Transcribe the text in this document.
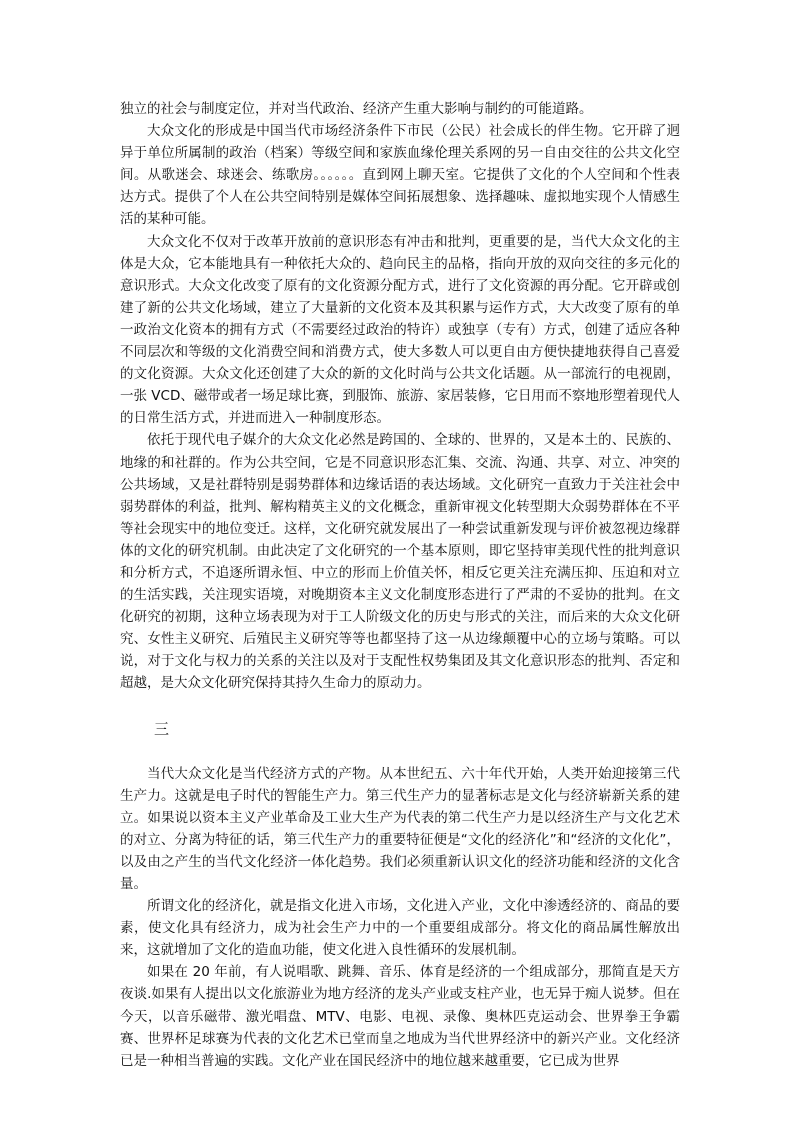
独立的社会与制度定位，并对当代政治、经济产生重大影响与制约的可能道路。

大众文化的形成是中国当代市场经济条件下市民（公民）社会成长的伴生物。它开辟了迥异于单位所属制的政治（档案）等级空间和家族血缘伦理关系网的另一自由交往的公共文化空间。从歌迷会、球迷会、练歌房。。。。。。直到网上聊天室。它提供了文化的个人空间和个性表达方式。提供了个人在公共空间特别是媒体空间拓展想象、选择趣味、虚拟地实现个人情感生活的某种可能。

大众文化不仅对于改革开放前的意识形态有冲击和批判，更重要的是，当代大众文化的主体是大众，它本能地具有一种依托大众的、趋向民主的品格，指向开放的双向交往的多元化的意识形式。大众文化改变了原有的文化资源分配方式，进行了文化资源的再分配。它开辟或创建了新的公共文化场域，建立了大量新的文化资本及其积累与运作方式，大大改变了原有的单一政治文化资本的拥有方式（不需要经过政治的特许）或独享（专有）方式，创建了适应各种不同层次和等级的文化消费空间和消费方式，使大多数人可以更自由方便快捷地获得自己喜爱的文化资源。大众文化还创建了大众的新的文化时尚与公共文化话题。从一部流行的电视剧，一张 VCD、磁带或者一场足球比赛，到服饰、旅游、家居装修，它日用而不察地形塑着现代人的日常生活方式，并进而进入一种制度形态。

依托于现代电子媒介的大众文化必然是跨国的、全球的、世界的，又是本土的、民族的、地缘的和社群的。作为公共空间，它是不同意识形态汇集、交流、沟通、共享、对立、冲突的公共场域，又是社群特别是弱势群体和边缘话语的表达场域。文化研究一直致力于关注社会中弱势群体的利益，批判、解构精英主义的文化概念，重新审视文化转型期大众弱势群体在不平等社会现实中的地位变迁。这样，文化研究就发展出了一种尝试重新发现与评价被忽视边缘群体的文化的研究机制。由此决定了文化研究的一个基本原则，即它坚持审美现代性的批判意识和分析方式，不追逐所谓永恒、中立的形而上价值关怀，相反它更关注充满压抑、压迫和对立的生活实践，关注现实语境，对晚期资本主义文化制度形态进行了严肃的不妥协的批判。在文化研究的初期，这种立场表现为对于工人阶级文化的历史与形式的关注，而后来的大众文化研究、女性主义研究、后殖民主义研究等等也都坚持了这一从边缘颠覆中心的立场与策略。可以说，对于文化与权力的关系的关注以及对于支配性权势集团及其文化意识形态的批判、否定和超越，是大众文化研究保持其持久生命力的原动力。

三

当代大众文化是当代经济方式的产物。从本世纪五、六十年代开始，人类开始迎接第三代生产力。这就是电子时代的智能生产力。第三代生产力的显著标志是文化与经济崭新关系的建立。如果说以资本主义产业革命及工业大生产为代表的第二代生产力是以经济生产与文化艺术的对立、分离为特征的话，第三代生产力的重要特征便是“文化的经济化”和“经济的文化化”，以及由之产生的当代文化经济一体化趋势。我们必须重新认识文化的经济功能和经济的文化含量。

所谓文化的经济化，就是指文化进入市场，文化进入产业，文化中渗透经济的、商品的要素，使文化具有经济力，成为社会生产力中的一个重要组成部分。将文化的商品属性解放出来，这就增加了文化的造血功能，使文化进入良性循环的发展机制。

如果在 20 年前，有人说唱歌、跳舞、音乐、体育是经济的一个组成部分，那简直是天方夜谈.如果有人提出以文化旅游业为地方经济的龙头产业或支柱产业，也无异于痴人说梦。但在今天，以音乐磁带、激光唱盘、MTV、电影、电视、录像、奥林匹克运动会、世界拳王争霸赛、世界杯足球赛为代表的文化艺术已堂而皇之地成为当代世界经济中的新兴产业。文化经济已是一种相当普遍的实践。文化产业在国民经济中的地位越来越重要，它已成为世界
